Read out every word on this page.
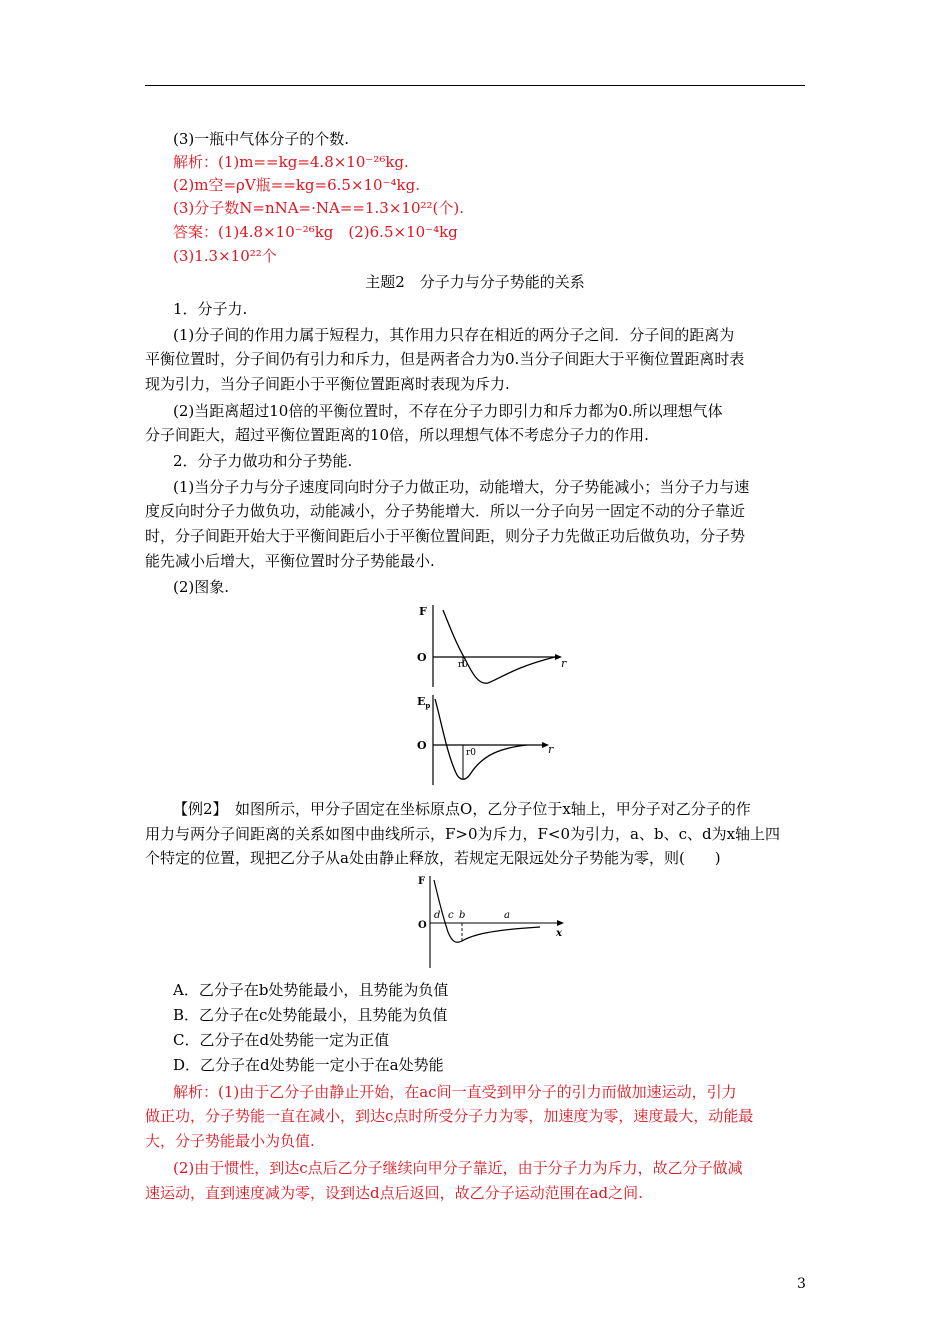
(3)一瓶中气体分子的个数.
解析：(1)m==kg=4.8×10⁻²⁶kg.
(2)m空=ρV瓶==kg=6.5×10⁻⁴kg.
(3)分子数N=nNA=·NA==1.3×10²²(个).
答案：(1)4.8×10⁻²⁶kg　(2)6.5×10⁻⁴kg
(3)1.3×10²²个
主题2　分子力与分子势能的关系
1．分子力.
(1)分子间的作用力属于短程力，其作用力只存在相近的两分子之间．分子间的距离为
平衡位置时，分子间仍有引力和斥力，但是两者合力为0.当分子间距大于平衡位置距离时表
现为引力，当分子间距小于平衡位置距离时表现为斥力.
(2)当距离超过10倍的平衡位置时，不存在分子力即引力和斥力都为0.所以理想气体
分子间距大，超过平衡位置距离的10倍，所以理想气体不考虑分子力的作用.
2．分子力做功和分子势能.
(1)当分子力与分子速度同向时分子力做正功，动能增大，分子势能减小；当分子力与速
度反向时分子力做负功，动能减小，分子势能增大．所以一分子向另一固定不动的分子靠近
时，分子间距开始大于平衡间距后小于平衡位置间距，则分子力先做正功后做负功，分子势
能先减小后增大，平衡位置时分子势能最小.
(2)图象.
F
O	r
r0
$E_p$
O	r
r0
【例2】　如图所示，甲分子固定在坐标原点O，乙分子位于x轴上，甲分子对乙分子的作
用力与两分子间距离的关系如图中曲线所示，F>0为斥力，F<0为引力，a、b、c、d为x轴上四
个特定的位置，现把乙分子从a处由静止释放，若规定无限远处分子势能为零，则(　　)
F
O
x
d c b	a
A．乙分子在b处势能最小，且势能为负值
B．乙分子在c处势能最小，且势能为负值
C．乙分子在d处势能一定为正值
D．乙分子在d处势能一定小于在a处势能
解析：(1)由于乙分子由静止开始，在ac间一直受到甲分子的引力而做加速运动，引力
做正功，分子势能一直在减小，到达c点时所受分子力为零，加速度为零，速度最大，动能最
大，分子势能最小为负值.
(2)由于惯性，到达c点后乙分子继续向甲分子靠近，由于分子力为斥力，故乙分子做减
速运动，直到速度减为零，设到达d点后返回，故乙分子运动范围在ad之间.
3
